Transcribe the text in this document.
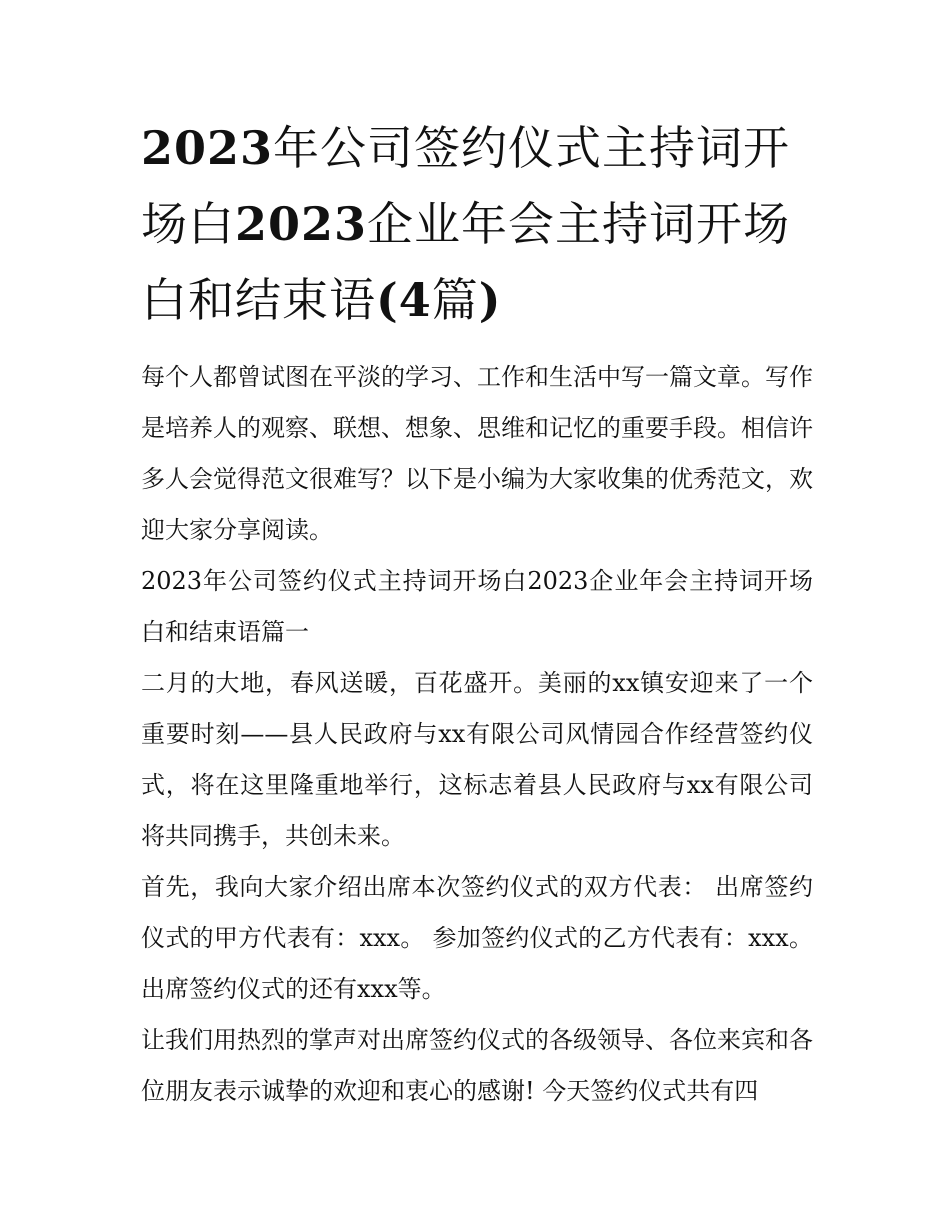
2023年公司签约仪式主持词开场白2023企业年会主持词开场白和结束语(4篇)

每个人都曾试图在平淡的学习、工作和生活中写一篇文章。写作是培养人的观察、联想、想象、思维和记忆的重要手段。相信许多人会觉得范文很难写？以下是小编为大家收集的优秀范文，欢迎大家分享阅读。

2023年公司签约仪式主持词开场白2023企业年会主持词开场白和结束语篇一

二月的大地，春风送暖，百花盛开。美丽的xx镇安迎来了一个重要时刻——县人民政府与xx有限公司风情园合作经营签约仪式，将在这里隆重地举行，这标志着县人民政府与xx有限公司将共同携手，共创未来。

首先，我向大家介绍出席本次签约仪式的双方代表： 出席签约仪式的甲方代表有：xxx。 参加签约仪式的乙方代表有：xxx。 出席签约仪式的还有xxx等。

让我们用热烈的掌声对出席签约仪式的各级领导、各位来宾和各位朋友表示诚挚的欢迎和衷心的感谢! 今天签约仪式共有四
